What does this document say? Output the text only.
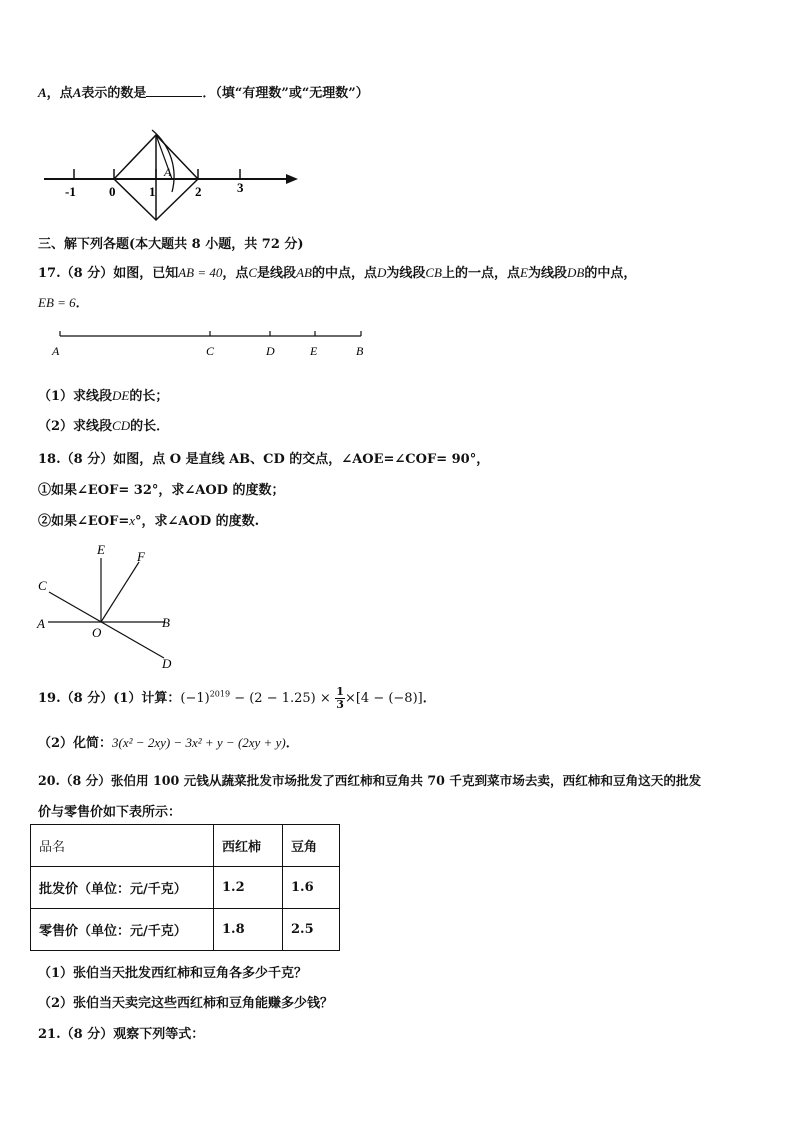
A，点A表示的数是	．（填“有理数”或“无理数”）
-1	0	1	2	3
A
三、解下列各题(本大题共 8 小题，共 72 分)
17.（8 分）如图，已知AB = 40，点C是线段AB的中点，点D为线段CB上的一点，点E为线段DB的中点，
EB = 6．
A	C	D	E	B
（1）求线段DE的长；
（2）求线段CD的长．
18.（8 分）如图，点 O 是直线 AB、CD 的交点，∠AOE=∠COF= 90°，
①如果∠EOF= 32°，求∠AOD 的度数；
②如果∠EOF=x°，求∠AOD 的度数.
E F
C
A
O
B
D
19.（8 分）(1）计算：$(-1)^{2019} - (2 - 1.25) \times \frac{1}{3} \times[4 - (-8)]$．
（2）化简：3(x² − 2xy) − 3x² + y − (2xy + y)．
20.（8 分）张伯用 100 元钱从蔬菜批发市场批发了西红柿和豆角共 70 千克到菜市场去卖，西红柿和豆角这天的批发
价与零售价如下表所示：
品名	西红柿	豆角
批发价（单位：元/千克）	1.2	1.6
零售价（单位：元/千克）	1.8	2.5
（1）张伯当天批发西红柿和豆角各多少千克？
（2）张伯当天卖完这些西红柿和豆角能赚多少钱？
21.（8 分）观察下列等式：
